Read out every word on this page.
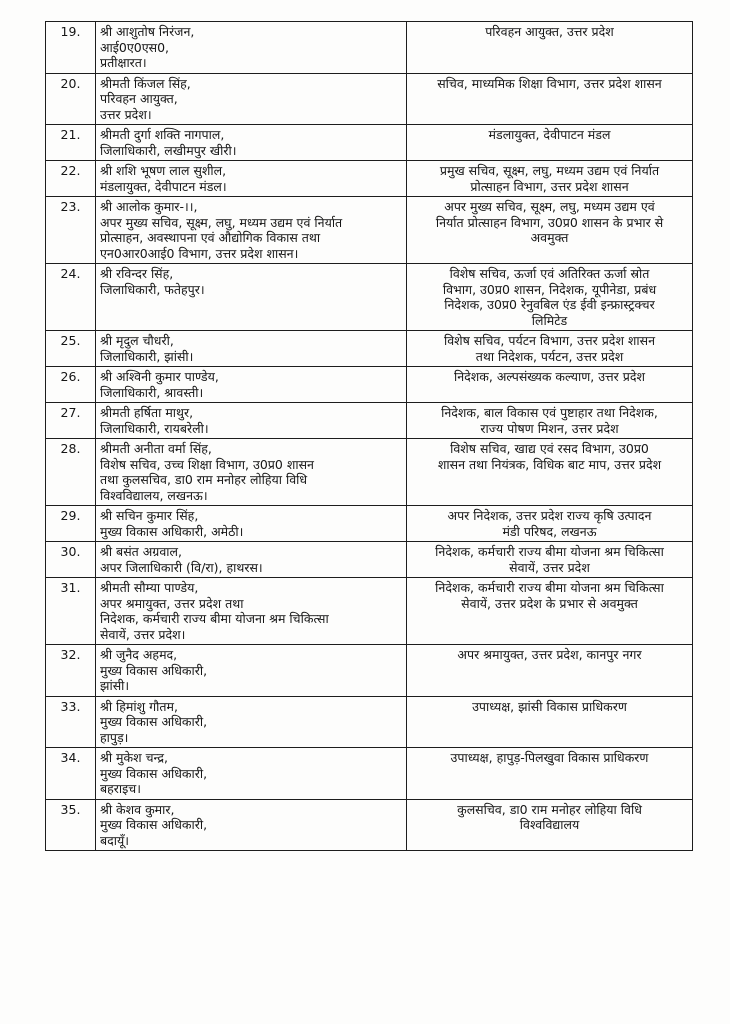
19.	श्री आशुतोष निरंजन,
आई0ए0एस0,
प्रतीक्षारत।	परिवहन आयुक्त, उत्तर प्रदेश

20.	श्रीमती किंजल सिंह,
परिवहन आयुक्त,
उत्तर प्रदेश।	सचिव, माध्यमिक शिक्षा विभाग, उत्तर प्रदेश शासन

21.	श्रीमती दुर्गा शक्ति नागपाल,
जिलाधिकारी, लखीमपुर खीरी।	मंडलायुक्त, देवीपाटन मंडल

22.	श्री शशि भूषण लाल सुशील,
मंडलायुक्त, देवीपाटन मंडल।	प्रमुख सचिव, सूक्ष्म, लघु, मध्यम उद्यम एवं निर्यात
प्रोत्साहन विभाग, उत्तर प्रदेश शासन

23.	श्री आलोक कुमार-।।,
अपर मुख्य सचिव, सूक्ष्म, लघु, मध्यम उद्यम एवं निर्यात
प्रोत्साहन, अवस्थापना एवं औद्योगिक विकास तथा
एन0आर0आई0 विभाग, उत्तर प्रदेश शासन।	अपर मुख्य सचिव, सूक्ष्म, लघु, मध्यम उद्यम एवं
निर्यात प्रोत्साहन विभाग, उ0प्र0 शासन के प्रभार से
अवमुक्त

24.	श्री रविन्दर सिंह,
जिलाधिकारी, फतेहपुर।	विशेष सचिव, ऊर्जा एवं अतिरिक्त ऊर्जा स्रोत
विभाग, उ0प्र0 शासन, निदेशक, यूपीनेडा, प्रबंध
निदेशक, उ0प्र0 रेनुवबिल एंड ईवी इन्फ्रास्ट्रक्चर
लिमिटेड

25.	श्री मृदुल चौधरी,
जिलाधिकारी, झांसी।	विशेष सचिव, पर्यटन विभाग, उत्तर प्रदेश शासन
तथा निदेशक, पर्यटन, उत्तर प्रदेश

26.	श्री अश्विनी कुमार पाण्डेय,
जिलाधिकारी, श्रावस्ती।	निदेशक, अल्पसंख्यक कल्याण, उत्तर प्रदेश

27.	श्रीमती हर्षिता माथुर,
जिलाधिकारी, रायबरेली।	निदेशक, बाल विकास एवं पुष्टाहार तथा निदेशक,
राज्य पोषण मिशन, उत्तर प्रदेश

28.	श्रीमती अनीता वर्मा सिंह,
विशेष सचिव, उच्च शिक्षा विभाग, उ0प्र0 शासन
तथा कुलसचिव, डा0 राम मनोहर लोहिया विधि
विश्वविद्यालय, लखनऊ।	विशेष सचिव, खाद्य एवं रसद विभाग, उ0प्र0
शासन तथा नियंत्रक, विधिक बाट माप, उत्तर प्रदेश

29.	श्री सचिन कुमार सिंह,
मुख्य विकास अधिकारी, अमेठी।	अपर निदेशक, उत्तर प्रदेश राज्य कृषि उत्पादन
मंडी परिषद, लखनऊ

30.	श्री बसंत अग्रवाल,
अपर जिलाधिकारी (वि/रा), हाथरस।	निदेशक, कर्मचारी राज्य बीमा योजना श्रम चिकित्सा
सेवायें, उत्तर प्रदेश

31.	श्रीमती सौम्या पाण्डेय,
अपर श्रमायुक्त, उत्तर प्रदेश तथा
निदेशक, कर्मचारी राज्य बीमा योजना श्रम चिकित्सा
सेवायें, उत्तर प्रदेश।	निदेशक, कर्मचारी राज्य बीमा योजना श्रम चिकित्सा
सेवायें, उत्तर प्रदेश के प्रभार से अवमुक्त

32.	श्री जुनैद अहमद,
मुख्य विकास अधिकारी,
झांसी।	अपर श्रमायुक्त, उत्तर प्रदेश, कानपुर नगर

33.	श्री हिमांशु गौतम,
मुख्य विकास अधिकारी,
हापुड़।	उपाध्यक्ष, झांसी विकास प्राधिकरण

34.	श्री मुकेश चन्द्र,
मुख्य विकास अधिकारी,
बहराइच।	उपाध्यक्ष, हापुड़-पिलखुवा विकास प्राधिकरण

35.	श्री केशव कुमार,
मुख्य विकास अधिकारी,
बदायूँ।	कुलसचिव, डा0 राम मनोहर लोहिया विधि
विश्वविद्यालय
